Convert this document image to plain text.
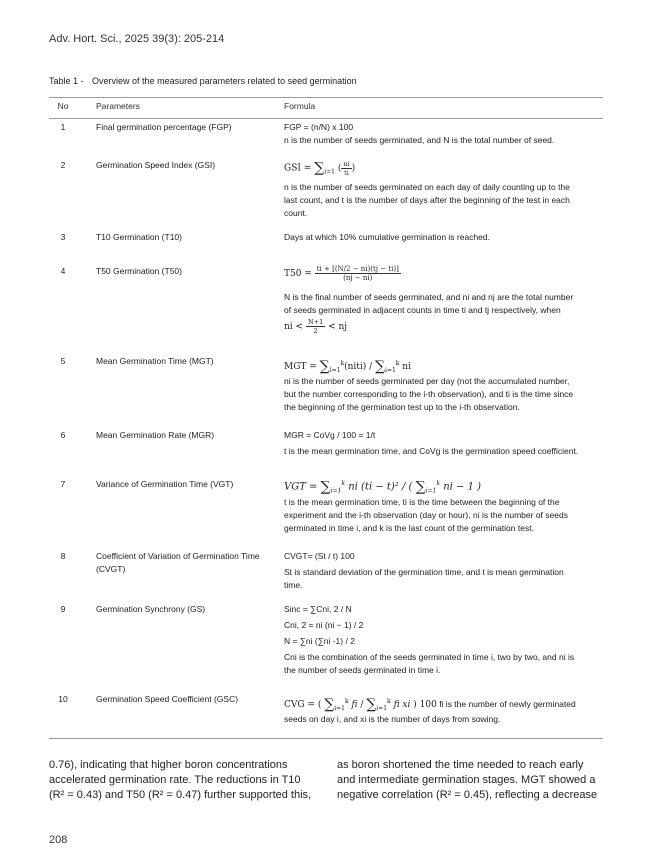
Adv. Hort. Sci., 2025 39(3): 205-214
Table 1 - Overview of the measured parameters related to seed germination
No	Parameters	Formula
1	Final germination percentage (FGP)	FGP = (n/N) x 100
n is the number of seeds germinated, and N is the total number of seed.
2	Germination Speed Index (GSI)	GSI = $\sum_{i=1}$ ( $\frac{ni}{ti}$ )
n is the number of seeds germinated on each day of daily counting up to the
last count, and t is the number of days after the beginning of the test in each
count.
3	T10 Germination (T10)	Days at which 10% cumulative germination is reached.
4	T50 Germination (T50)	$T50 = \frac{ti + [(N/2 - ni)(tj - ti)]}{(nj - ni)}$
N is the final number of seeds germinated, and ni and nj are the total number
of seeds germinated in adjacent counts in time ti and tj respectively, when
ni < $\frac{N+1}{2}$ < nj
5	Mean Germination Time (MGT)
MGT = $\sum_{i=1}^k(niti) / \sum_{i=1}^k$ ni
ni is the number of seeds germinated per day (not the accumulated number,
but the number corresponding to the i-th observation), and ti is the time since
the beginning of the germination test up to the i-th observation.
6	Mean Germination Rate (MGR)	MGR = CoVg / 100 = 1/t
t is the mean germination time, and CoVg is the germination speed coefficient.
7	Variance of Germination Time (VGT)	VGT = $\sum_{i=1}^k$ ni (ti − t)² / ( $\sum_{i=1}^k$ ni − 1 )
t is the mean germination time, ti is the time between the beginning of the
experiment and the i-th observation (day or hour), ni is the number of seeds
germinated in time i, and k is the last count of the germination test.
8	Coefficient of Variation of Germination Time
(CVGT)
CVGT= (St / t) 100
St is standard deviation of the germination time, and t is mean germination
time.
9	Germination Synchrony (GS)	Sinc = ∑Cni, 2 / N
Cni, 2 = ni (ni − 1) / 2
N = ∑ni (∑ni -1) / 2
Cni is the combination of the seeds germinated in time i, two by two, and ni is
the number of seeds germinated in time i.
10	Germination Speed Coefficient (GSC)
CVG = ( $\sum_{i=1}^k$ fi / $\sum_{i=1}^k$ fi xi ) 100 fi is the number of newly germinated
seeds on day i, and xi is the number of days from sowing.
0.76), indicating that higher boron concentrations
accelerated germination rate. The reductions in T10
(R² = 0.43) and T50 (R² = 0.47) further supported this,
as boron shortened the time needed to reach early
and intermediate germination stages. MGT showed a
negative correlation (R² = 0.45), reflecting a decrease
208
